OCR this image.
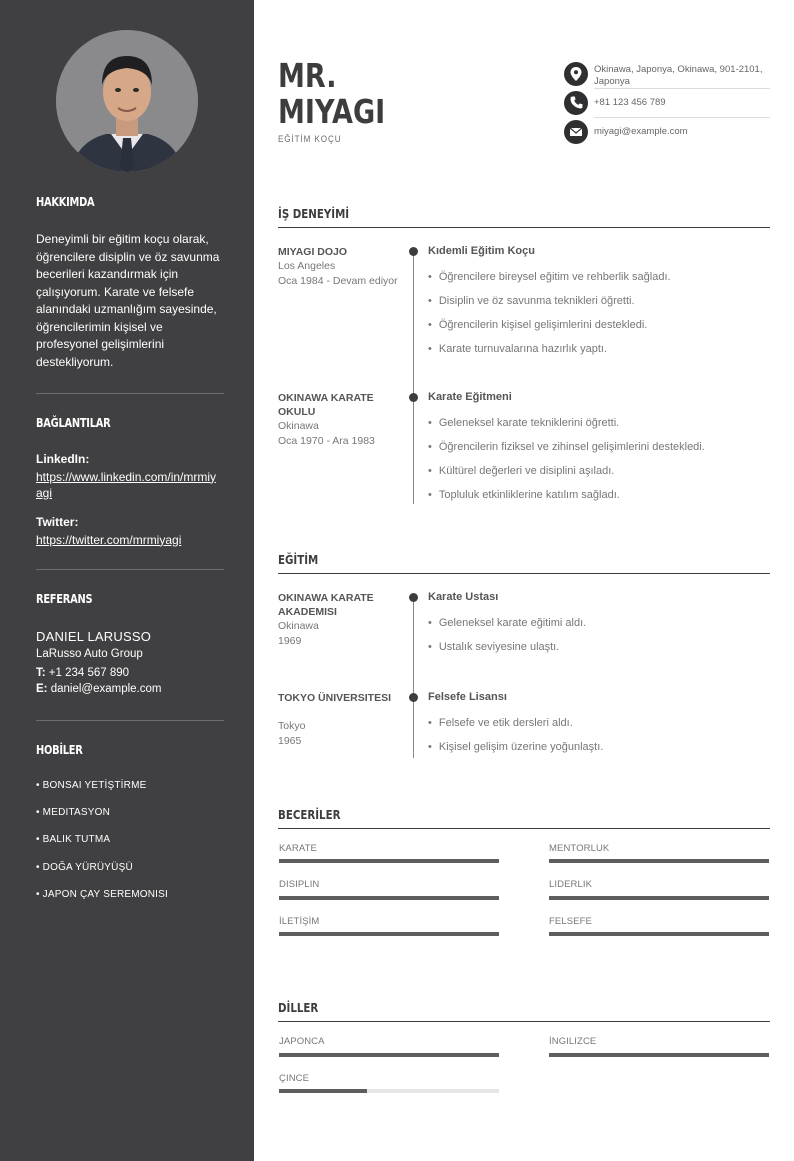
HAKKIMDA
Deneyimli bir eğitim koçu olarak, öğrencilere disiplin ve öz savunma becerileri kazandırmak için çalışıyorum. Karate ve felsefe alanındaki uzmanlığım sayesinde, öğrencilerimin kişisel ve profesyonel gelişimlerini destekliyorum.
BAĞLANTILAR
LinkedIn:
https://www.linkedin.com/in/mrmiyagi
Twitter:
https://twitter.com/mrmiyagi
REFERANS
DANIEL LARUSSO
LaRusso Auto Group
T: +1 234 567 890
E: daniel@example.com
HOBİLER
• BONSAI YETİŞTİRME
• MEDITASYON
• BALIK TUTMA
• DOĞA YÜRÜYÜŞÜ
• JAPON ÇAY SEREMONISI
MR.
MIYAGI
EĞİTİM KOÇU
Okinawa, Japonya, Okinawa, 901-2101, Japonya
+81 123 456 789
miyagi@example.com
İŞ DENEYİMİ
MIYAGI DOJO
Los Angeles
Oca 1984 - Devam ediyor
Kıdemli Eğitim Koçu
• Öğrencilere bireysel eğitim ve rehberlik sağladı.
• Disiplin ve öz savunma teknikleri öğretti.
• Öğrencilerin kişisel gelişimlerini destekledi.
• Karate turnuvalarına hazırlık yaptı.
OKINAWA KARATE OKULU
Okinawa
Oca 1970 - Ara 1983
Karate Eğitmeni
• Geleneksel karate tekniklerini öğretti.
• Öğrencilerin fiziksel ve zihinsel gelişimlerini destekledi.
• Kültürel değerleri ve disiplini aşıladı.
• Topluluk etkinliklerine katılım sağladı.
EĞİTİM
OKINAWA KARATE AKADEMISI
Okinawa
1969
Karate Ustası
• Geleneksel karate eğitimi aldı.
• Ustalık seviyesine ulaştı.
TOKYO ÜNIVERSITESI
Tokyo
1965
Felsefe Lisansı
• Felsefe ve etik dersleri aldı.
• Kişisel gelişim üzerine yoğunlaştı.
BECERİLER
KARATE	MENTORLUK
DISIPLIN	LIDERLIK
İLETİŞİM	FELSEFE
DİLLER
JAPONCA	İNGILIZCE
ÇINCE
